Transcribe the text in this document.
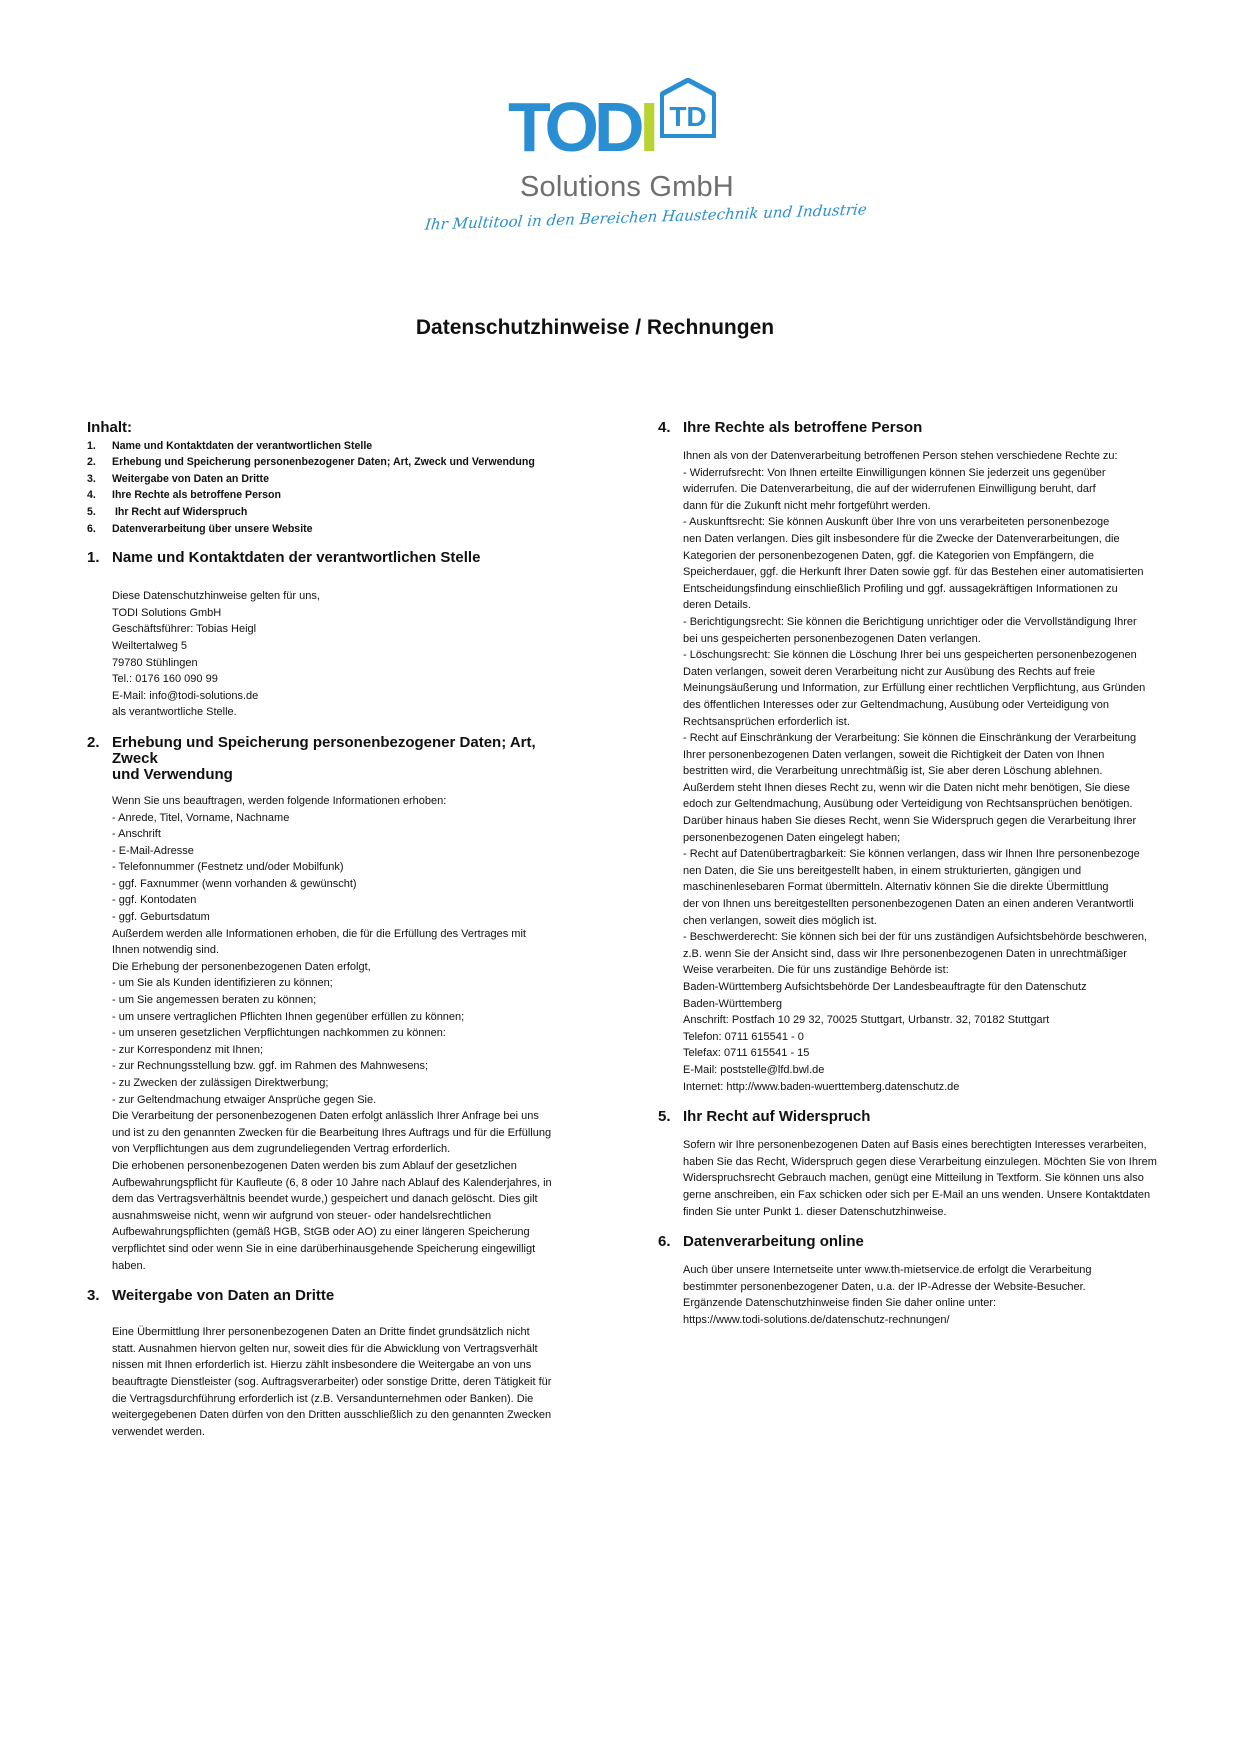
TODI TD
Solutions GmbH
Ihr Multitool in den Bereichen Haustechnik und Industrie
Datenschutzhinweise / Rechnungen
Inhalt:
1.	Name und Kontaktdaten der verantwortlichen Stelle
2.	Erhebung und Speicherung personenbezogener Daten; Art, Zweck und Verwendung
3.	Weitergabe von Daten an Dritte
4.	Ihre Rechte als betroffene Person
5.	Ihr Recht auf Widerspruch
6.	Datenverarbeitung über unsere Website
1. Name und Kontaktdaten der verantwortlichen Stelle
Diese Datenschutzhinweise gelten für uns,
TODI Solutions GmbH
Geschäftsführer: Tobias Heigl
Weiltertalweg 5
79780 Stühlingen
Tel.: 0176 160 090 99
E-Mail: info@todi-solutions.de
als verantwortliche Stelle.
2. Erhebung und Speicherung personenbezogener Daten; Art, Zweck
und Verwendung
Wenn Sie uns beauftragen, werden folgende Informationen erhoben:
- Anrede, Titel, Vorname, Nachname
- Anschrift
- E-Mail-Adresse
- Telefonnummer (Festnetz und/oder Mobilfunk)
- ggf. Faxnummer (wenn vorhanden & gewünscht)
- ggf. Kontodaten
- ggf. Geburtsdatum
Außerdem werden alle Informationen erhoben, die für die Erfüllung des Vertrages mit
Ihnen notwendig sind.
Die Erhebung der personenbezogenen Daten erfolgt,
- um Sie als Kunden identifizieren zu können;
- um Sie angemessen beraten zu können;
- um unsere vertraglichen Pflichten Ihnen gegenüber erfüllen zu können;
- um unseren gesetzlichen Verpflichtungen nachkommen zu können:
- zur Korrespondenz mit Ihnen;
- zur Rechnungsstellung bzw. ggf. im Rahmen des Mahnwesens;
- zu Zwecken der zulässigen Direktwerbung;
- zur Geltendmachung etwaiger Ansprüche gegen Sie.
Die Verarbeitung der personenbezogenen Daten erfolgt anlässlich Ihrer Anfrage bei uns
und ist zu den genannten Zwecken für die Bearbeitung Ihres Auftrags und für die Erfüllung
von Verpflichtungen aus dem zugrundeliegenden Vertrag erforderlich.
Die erhobenen personenbezogenen Daten werden bis zum Ablauf der gesetzlichen
Aufbewahrungspflicht für Kaufleute (6, 8 oder 10 Jahre nach Ablauf des Kalenderjahres, in
dem das Vertragsverhältnis beendet wurde,) gespeichert und danach gelöscht. Dies gilt
ausnahmsweise nicht, wenn wir aufgrund von steuer- oder handelsrechtlichen
Aufbewahrungspflichten (gemäß HGB, StGB oder AO) zu einer längeren Speicherung
verpflichtet sind oder wenn Sie in eine darüberhinausgehende Speicherung eingewilligt
haben.
3. Weitergabe von Daten an Dritte
Eine Übermittlung Ihrer personenbezogenen Daten an Dritte findet grundsätzlich nicht
statt. Ausnahmen hiervon gelten nur, soweit dies für die Abwicklung von Vertragsverhält
nissen mit Ihnen erforderlich ist. Hierzu zählt insbesondere die Weitergabe an von uns
beauftragte Dienstleister (sog. Auftragsverarbeiter) oder sonstige Dritte, deren Tätigkeit für
die Vertragsdurchführung erforderlich ist (z.B. Versandunternehmen oder Banken). Die
weitergegebenen Daten dürfen von den Dritten ausschließlich zu den genannten Zwecken
verwendet werden.
4. Ihre Rechte als betroffene Person
Ihnen als von der Datenverarbeitung betroffenen Person stehen verschiedene Rechte zu:
- Widerrufsrecht: Von Ihnen erteilte Einwilligungen können Sie jederzeit uns gegenüber
widerrufen. Die Datenverarbeitung, die auf der widerrufenen Einwilligung beruht, darf
dann für die Zukunft nicht mehr fortgeführt werden.
- Auskunftsrecht: Sie können Auskunft über Ihre von uns verarbeiteten personenbezoge
nen Daten verlangen. Dies gilt insbesondere für die Zwecke der Datenverarbeitungen, die
Kategorien der personenbezogenen Daten, ggf. die Kategorien von Empfängern, die
Speicherdauer, ggf. die Herkunft Ihrer Daten sowie ggf. für das Bestehen einer automatisierten
Entscheidungsfindung einschließlich Profiling und ggf. aussagekräftigen Informationen zu
deren Details.
- Berichtigungsrecht: Sie können die Berichtigung unrichtiger oder die Vervollständigung Ihrer
bei uns gespeicherten personenbezogenen Daten verlangen.
- Löschungsrecht: Sie können die Löschung Ihrer bei uns gespeicherten personenbezogenen
Daten verlangen, soweit deren Verarbeitung nicht zur Ausübung des Rechts auf freie
Meinungsäußerung und Information, zur Erfüllung einer rechtlichen Verpflichtung, aus Gründen
des öffentlichen Interesses oder zur Geltendmachung, Ausübung oder Verteidigung von
Rechtsansprüchen erforderlich ist.
- Recht auf Einschränkung der Verarbeitung: Sie können die Einschränkung der Verarbeitung
Ihrer personenbezogenen Daten verlangen, soweit die Richtigkeit der Daten von Ihnen
bestritten wird, die Verarbeitung unrechtmäßig ist, Sie aber deren Löschung ablehnen.
Außerdem steht Ihnen dieses Recht zu, wenn wir die Daten nicht mehr benötigen, Sie diese
edoch zur Geltendmachung, Ausübung oder Verteidigung von Rechtsansprüchen benötigen.
Darüber hinaus haben Sie dieses Recht, wenn Sie Widerspruch gegen die Verarbeitung Ihrer
personenbezogenen Daten eingelegt haben;
- Recht auf Datenübertragbarkeit: Sie können verlangen, dass wir Ihnen Ihre personenbezoge
nen Daten, die Sie uns bereitgestellt haben, in einem strukturierten, gängigen und
maschinenlesebaren Format übermitteln. Alternativ können Sie die direkte Übermittlung
der von Ihnen uns bereitgestellten personenbezogenen Daten an einen anderen Verantwortli
chen verlangen, soweit dies möglich ist.
- Beschwerderecht: Sie können sich bei der für uns zuständigen Aufsichtsbehörde beschweren,
z.B. wenn Sie der Ansicht sind, dass wir Ihre personenbezogenen Daten in unrechtmäßiger
Weise verarbeiten. Die für uns zuständige Behörde ist:
Baden-Württemberg Aufsichtsbehörde Der Landesbeauftragte für den Datenschutz
Baden-Württemberg
Anschrift: Postfach 10 29 32, 70025 Stuttgart, Urbanstr. 32, 70182 Stuttgart
Telefon: 0711 615541 - 0
Telefax: 0711 615541 - 15
E-Mail: poststelle@lfd.bwl.de
Internet: http://www.baden-wuerttemberg.datenschutz.de
5. Ihr Recht auf Widerspruch
Sofern wir Ihre personenbezogenen Daten auf Basis eines berechtigten Interesses verarbeiten,
haben Sie das Recht, Widerspruch gegen diese Verarbeitung einzulegen. Möchten Sie von Ihrem
Widerspruchsrecht Gebrauch machen, genügt eine Mitteilung in Textform. Sie können uns also
gerne anschreiben, ein Fax schicken oder sich per E-Mail an uns wenden. Unsere Kontaktdaten
finden Sie unter Punkt 1. dieser Datenschutzhinweise.
6. Datenverarbeitung online
Auch über unsere Internetseite unter www.th-mietservice.de erfolgt die Verarbeitung
bestimmter personenbezogener Daten, u.a. der IP-Adresse der Website-Besucher.
Ergänzende Datenschutzhinweise finden Sie daher online unter:
https://www.todi-solutions.de/datenschutz-rechnungen/
